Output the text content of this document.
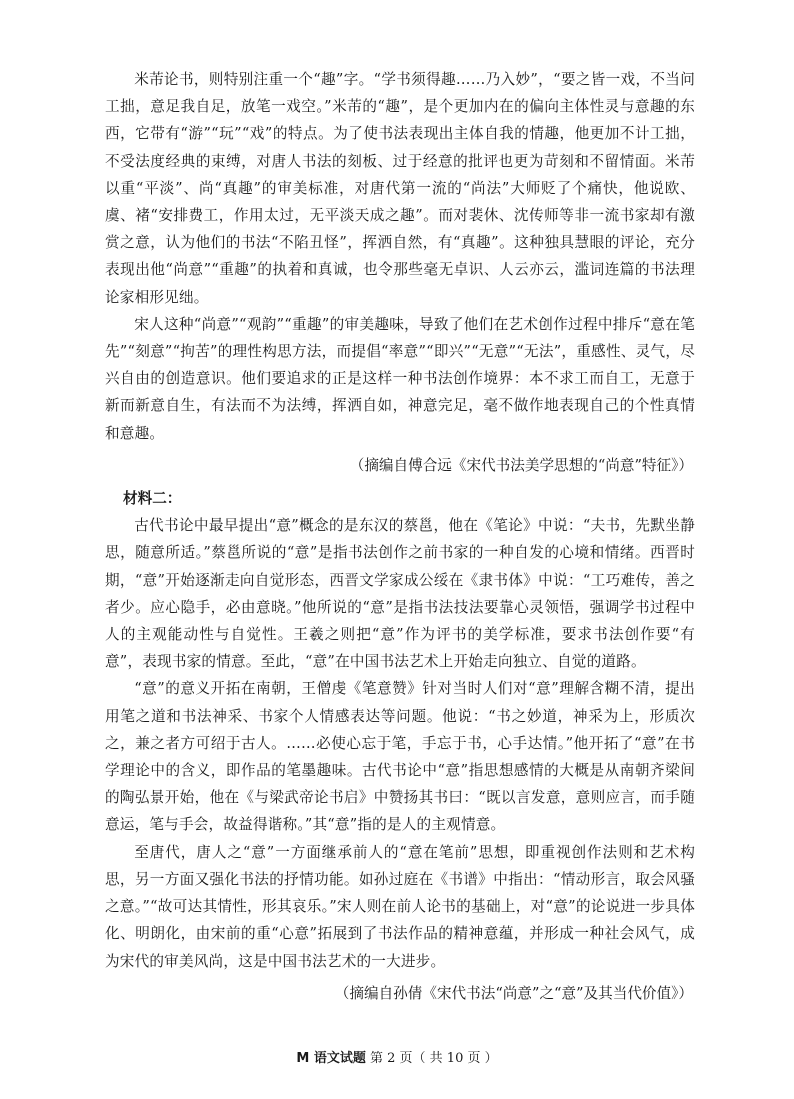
米芾论书，则特别注重一个“趣”字。“学书须得趣……乃入妙”，“要之皆一戏，不当问工拙，意足我自足，放笔一戏空。”米芾的“趣”，是个更加内在的偏向主体性灵与意趣的东西，它带有“游”“玩”“戏”的特点。为了使书法表现出主体自我的情趣，他更加不计工拙，不受法度经典的束缚，对唐人书法的刻板、过于经意的批评也更为苛刻和不留情面。米芾以重“平淡”、尚“真趣”的审美标准，对唐代第一流的“尚法”大师贬了个痛快，他说欧、虞、褚“安排费工，作用太过，无平淡天成之趣”。而对裴休、沈传师等非一流书家却有激赏之意，认为他们的书法“不陷丑怪”，挥洒自然，有“真趣”。这种独具慧眼的评论，充分表现出他“尚意”“重趣”的执着和真诚，也令那些毫无卓识、人云亦云，滥词连篇的书法理论家相形见绌。

宋人这种“尚意”“观韵”“重趣”的审美趣味，导致了他们在艺术创作过程中排斥“意在笔先”“刻意”“拘苦”的理性构思方法，而提倡“率意”“即兴”“无意”“无法”，重感性、灵气，尽兴自由的创造意识。他们要追求的正是这样一种书法创作境界：本不求工而自工，无意于新而新意自生，有法而不为法缚，挥洒自如，神意完足，毫不做作地表现自己的个性真情和意趣。

（摘编自傅合远《宋代书法美学思想的“尚意”特征》）
材料二：

古代书论中最早提出“意”概念的是东汉的蔡邕，他在《笔论》中说：“夫书，先默坐静思，随意所适。”蔡邕所说的“意”是指书法创作之前书家的一种自发的心境和情绪。西晋时期，“意”开始逐渐走向自觉形态，西晋文学家成公绥在《隶书体》中说：“工巧难传，善之者少。应心隐手，必由意晓。”他所说的“意”是指书法技法要靠心灵领悟，强调学书过程中人的主观能动性与自觉性。王羲之则把“意”作为评书的美学标准，要求书法创作要“有意”，表现书家的情意。至此，“意”在中国书法艺术上开始走向独立、自觉的道路。

“意”的意义开拓在南朝，王僧虔《笔意赞》针对当时人们对“意”理解含糊不清，提出用笔之道和书法神采、书家个人情感表达等问题。他说：“书之妙道，神采为上，形质次之，兼之者方可绍于古人。……必使心忘于笔，手忘于书，心手达情。”他开拓了“意”在书学理论中的含义，即作品的笔墨趣味。古代书论中“意”指思想感情的大概是从南朝齐梁间的陶弘景开始，他在《与梁武帝论书启》中赞扬其书曰：“既以言发意，意则应言，而手随意运，笔与手会，故益得谐称。”其“意”指的是人的主观情意。

至唐代，唐人之“意”一方面继承前人的“意在笔前”思想，即重视创作法则和艺术构思，另一方面又强化书法的抒情功能。如孙过庭在《书谱》中指出：“情动形言，取会风骚之意。”“故可达其情性，形其哀乐。”宋人则在前人论书的基础上，对“意”的论说进一步具体化、明朗化，由宋前的重“心意”拓展到了书法作品的精神意蕴，并形成一种社会风气，成为宋代的审美风尚，这是中国书法艺术的一大进步。

（摘编自孙倩《宋代书法“尚意”之“意”及其当代价值》）
M 语文试题 第 2 页（ 共 10 页 ）
